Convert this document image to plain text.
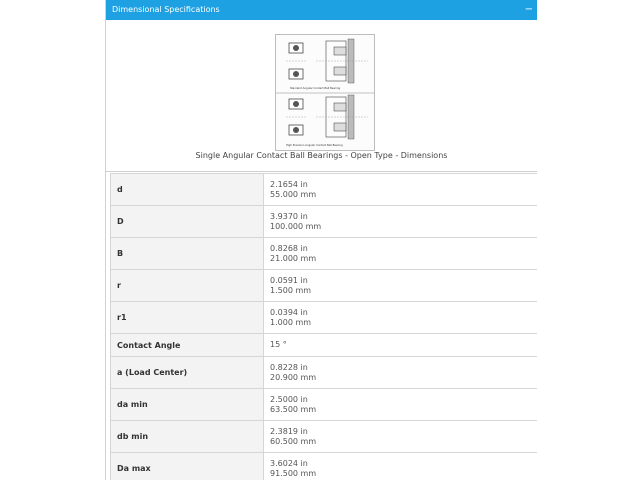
Dimensional Specifications	−
Standard Angular Contact Ball Bearing
High Precision Angular Contact Ball Bearing
Single Angular Contact Ball Bearings - Open Type - Dimensions
d	2.1654 in
55.000 mm

D	3.9370 in
100.000 mm

B	0.8268 in
21.000 mm

r	0.0591 in
1.500 mm

r1	0.0394 in
1.000 mm

Contact Angle	15 °

a (Load Center)	0.8228 in
20.900 mm

da min	2.5000 in
63.500 mm

db min	2.3819 in
60.500 mm

Da max	3.6024 in
91.500 mm
